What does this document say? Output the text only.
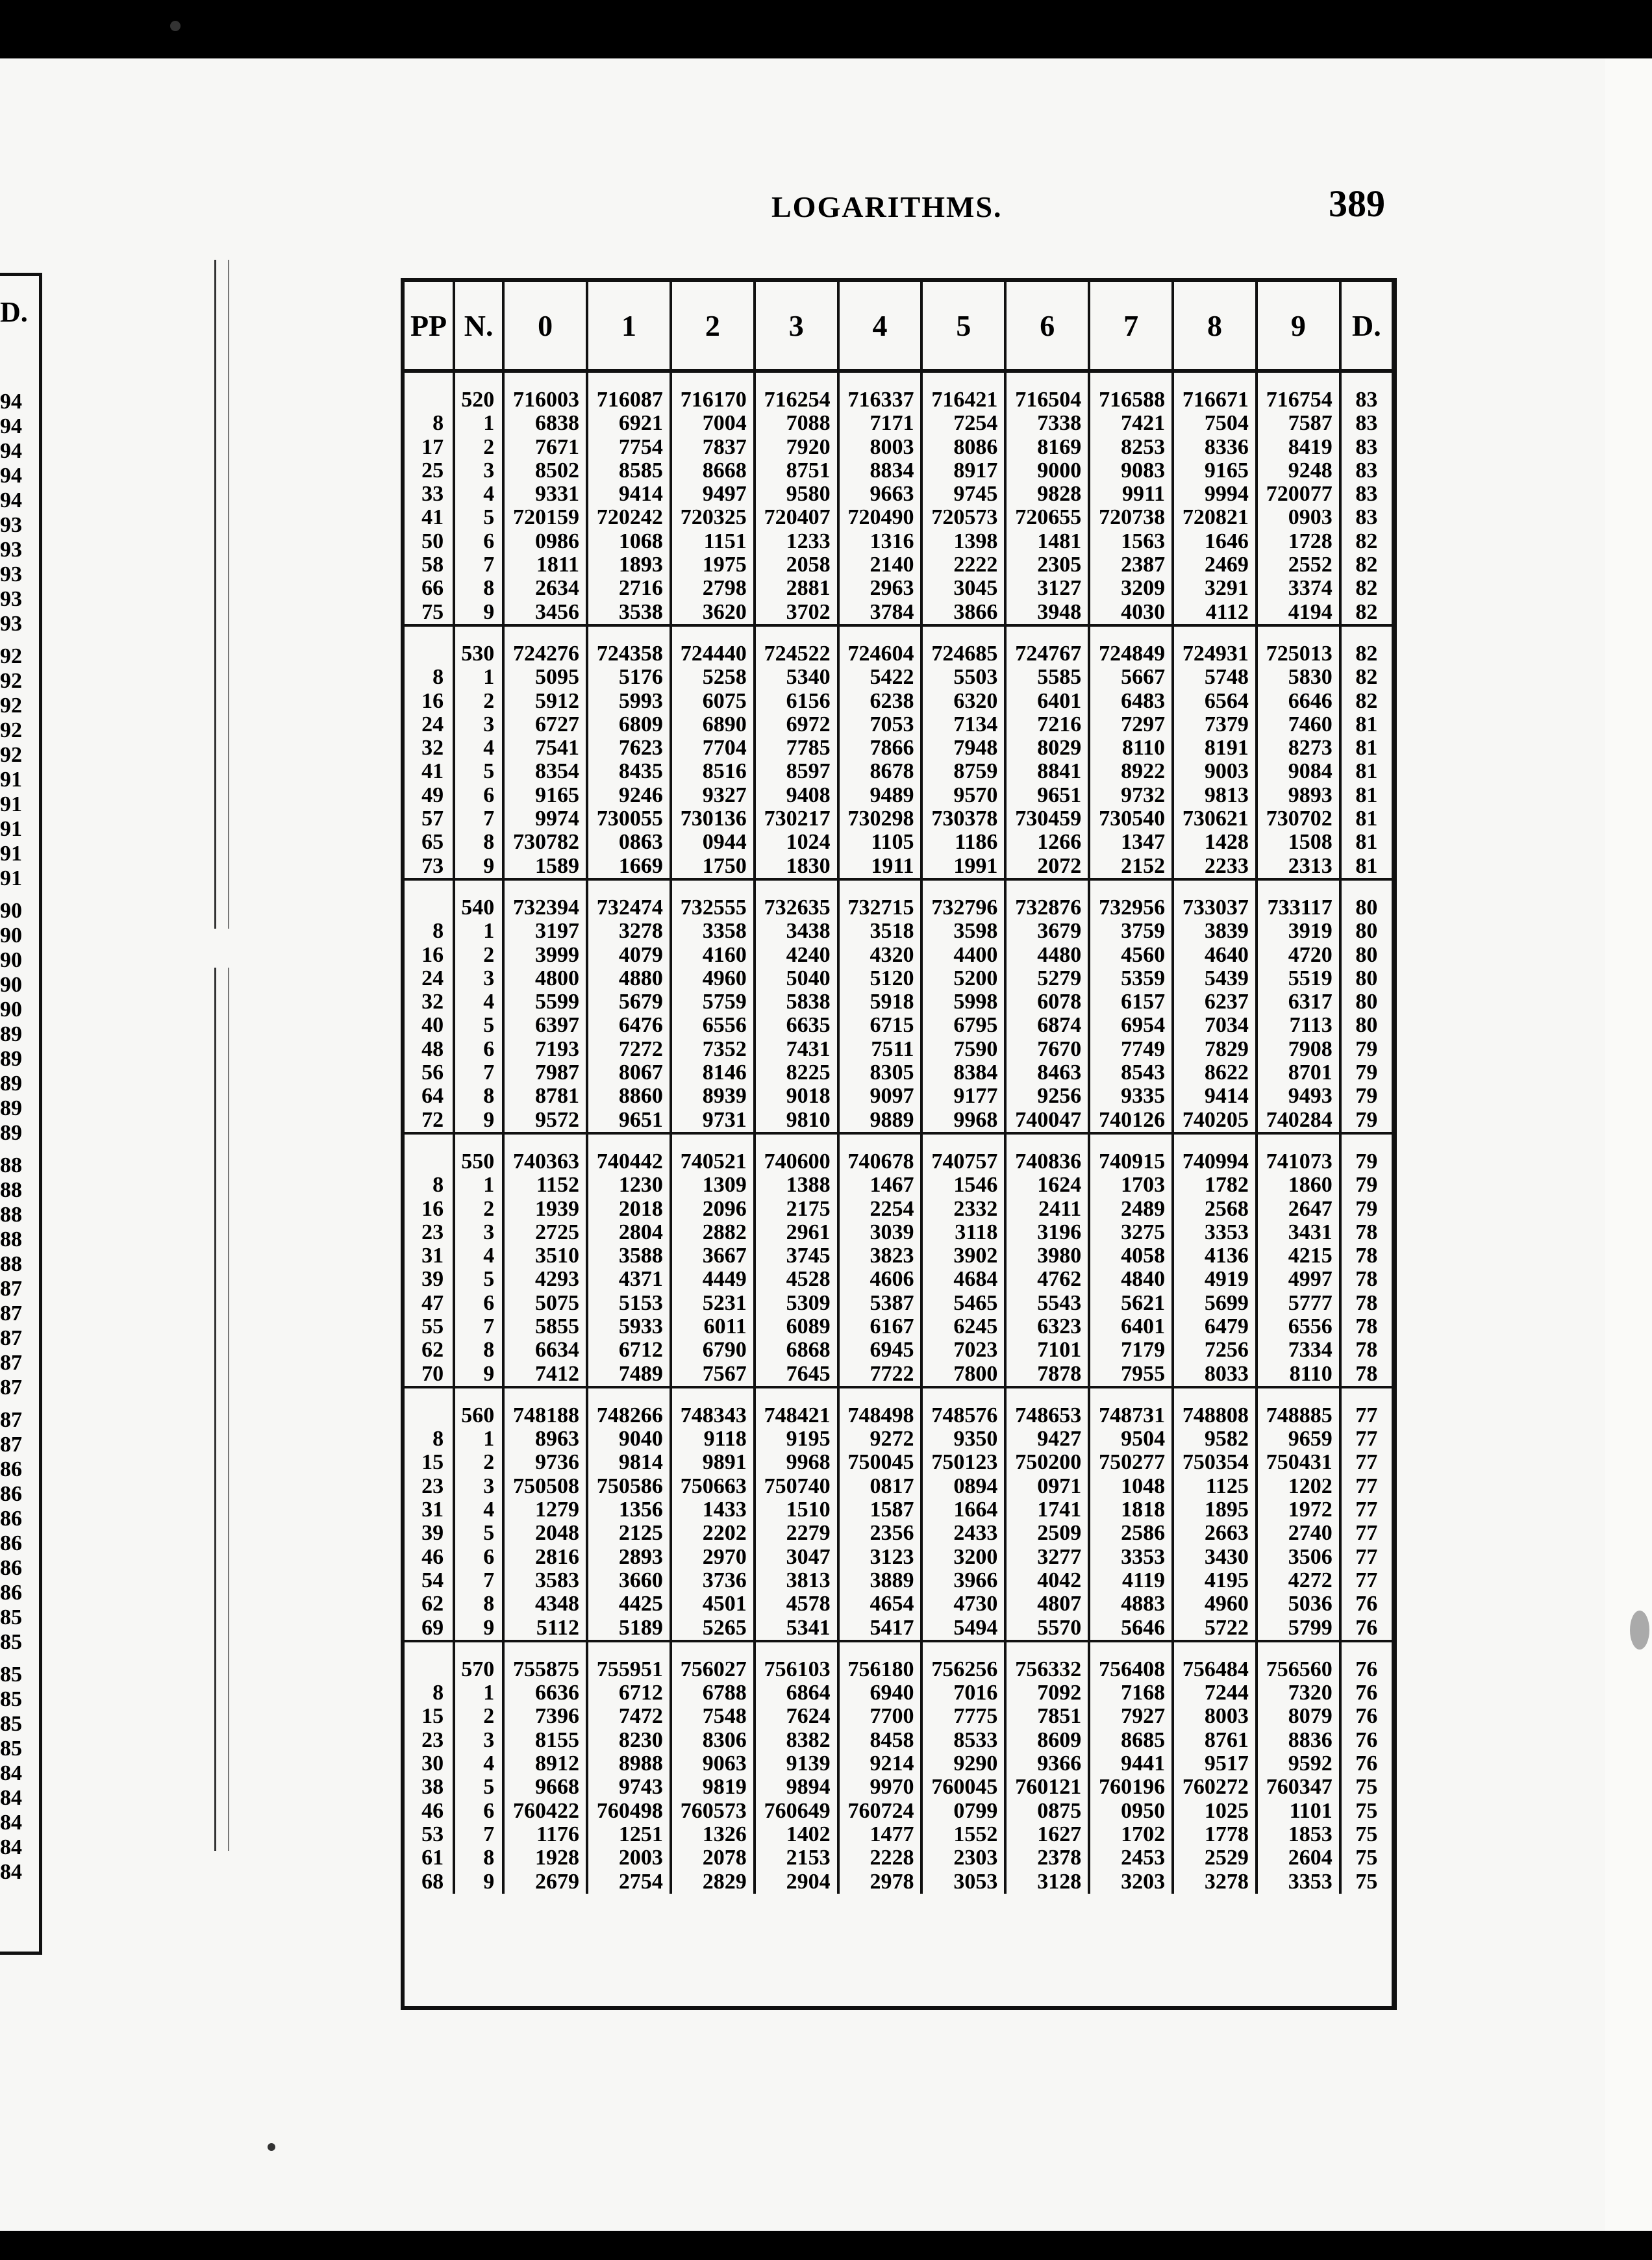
D.
94
94
94
94
94
93
93
93
93
93
92
92
92
92
92
91
91
91
91
91
90
90
90
90
90
89
89
89
89
89
88
88
88
88
88
87
87
87
87
87
87
87
86
86
86
86
86
86
85
85
85
85
85
85
84
84
84
84
84
LOGARITHMS.	389
PP	N.	0	1	2	3	4	5	6	7	8	9	D.
	520	716003	716087	716170	716254	716337	716421	716504	716588	716671	716754	83
8	1	6838	6921	7004	7088	7171	7254	7338	7421	7504	7587	83
17	2	7671	7754	7837	7920	8003	8086	8169	8253	8336	8419	83
25	3	8502	8585	8668	8751	8834	8917	9000	9083	9165	9248	83
33	4	9331	9414	9497	9580	9663	9745	9828	9911	9994	720077	83
41	5	720159	720242	720325	720407	720490	720573	720655	720738	720821	0903	83
50	6	0986	1068	1151	1233	1316	1398	1481	1563	1646	1728	82
58	7	1811	1893	1975	2058	2140	2222	2305	2387	2469	2552	82
66	8	2634	2716	2798	2881	2963	3045	3127	3209	3291	3374	82
75	9	3456	3538	3620	3702	3784	3866	3948	4030	4112	4194	82
	530	724276	724358	724440	724522	724604	724685	724767	724849	724931	725013	82
8	1	5095	5176	5258	5340	5422	5503	5585	5667	5748	5830	82
16	2	5912	5993	6075	6156	6238	6320	6401	6483	6564	6646	82
24	3	6727	6809	6890	6972	7053	7134	7216	7297	7379	7460	81
32	4	7541	7623	7704	7785	7866	7948	8029	8110	8191	8273	81
41	5	8354	8435	8516	8597	8678	8759	8841	8922	9003	9084	81
49	6	9165	9246	9327	9408	9489	9570	9651	9732	9813	9893	81
57	7	9974	730055	730136	730217	730298	730378	730459	730540	730621	730702	81
65	8	730782	0863	0944	1024	1105	1186	1266	1347	1428	1508	81
73	9	1589	1669	1750	1830	1911	1991	2072	2152	2233	2313	81
	540	732394	732474	732555	732635	732715	732796	732876	732956	733037	733117	80
8	1	3197	3278	3358	3438	3518	3598	3679	3759	3839	3919	80
16	2	3999	4079	4160	4240	4320	4400	4480	4560	4640	4720	80
24	3	4800	4880	4960	5040	5120	5200	5279	5359	5439	5519	80
32	4	5599	5679	5759	5838	5918	5998	6078	6157	6237	6317	80
40	5	6397	6476	6556	6635	6715	6795	6874	6954	7034	7113	80
48	6	7193	7272	7352	7431	7511	7590	7670	7749	7829	7908	79
56	7	7987	8067	8146	8225	8305	8384	8463	8543	8622	8701	79
64	8	8781	8860	8939	9018	9097	9177	9256	9335	9414	9493	79
72	9	9572	9651	9731	9810	9889	9968	740047	740126	740205	740284	79
	550	740363	740442	740521	740600	740678	740757	740836	740915	740994	741073	79
8	1	1152	1230	1309	1388	1467	1546	1624	1703	1782	1860	79
16	2	1939	2018	2096	2175	2254	2332	2411	2489	2568	2647	79
23	3	2725	2804	2882	2961	3039	3118	3196	3275	3353	3431	78
31	4	3510	3588	3667	3745	3823	3902	3980	4058	4136	4215	78
39	5	4293	4371	4449	4528	4606	4684	4762	4840	4919	4997	78
47	6	5075	5153	5231	5309	5387	5465	5543	5621	5699	5777	78
55	7	5855	5933	6011	6089	6167	6245	6323	6401	6479	6556	78
62	8	6634	6712	6790	6868	6945	7023	7101	7179	7256	7334	78
70	9	7412	7489	7567	7645	7722	7800	7878	7955	8033	8110	78
	560	748188	748266	748343	748421	748498	748576	748653	748731	748808	748885	77
8	1	8963	9040	9118	9195	9272	9350	9427	9504	9582	9659	77
15	2	9736	9814	9891	9968	750045	750123	750200	750277	750354	750431	77
23	3	750508	750586	750663	750740	0817	0894	0971	1048	1125	1202	77
31	4	1279	1356	1433	1510	1587	1664	1741	1818	1895	1972	77
39	5	2048	2125	2202	2279	2356	2433	2509	2586	2663	2740	77
46	6	2816	2893	2970	3047	3123	3200	3277	3353	3430	3506	77
54	7	3583	3660	3736	3813	3889	3966	4042	4119	4195	4272	77
62	8	4348	4425	4501	4578	4654	4730	4807	4883	4960	5036	76
69	9	5112	5189	5265	5341	5417	5494	5570	5646	5722	5799	76
	570	755875	755951	756027	756103	756180	756256	756332	756408	756484	756560	76
8	1	6636	6712	6788	6864	6940	7016	7092	7168	7244	7320	76
15	2	7396	7472	7548	7624	7700	7775	7851	7927	8003	8079	76
23	3	8155	8230	8306	8382	8458	8533	8609	8685	8761	8836	76
30	4	8912	8988	9063	9139	9214	9290	9366	9441	9517	9592	76
38	5	9668	9743	9819	9894	9970	760045	760121	760196	760272	760347	75
46	6	760422	760498	760573	760649	760724	0799	0875	0950	1025	1101	75
53	7	1176	1251	1326	1402	1477	1552	1627	1702	1778	1853	75
61	8	1928	2003	2078	2153	2228	2303	2378	2453	2529	2604	75
68	9	2679	2754	2829	2904	2978	3053	3128	3203	3278	3353	75
